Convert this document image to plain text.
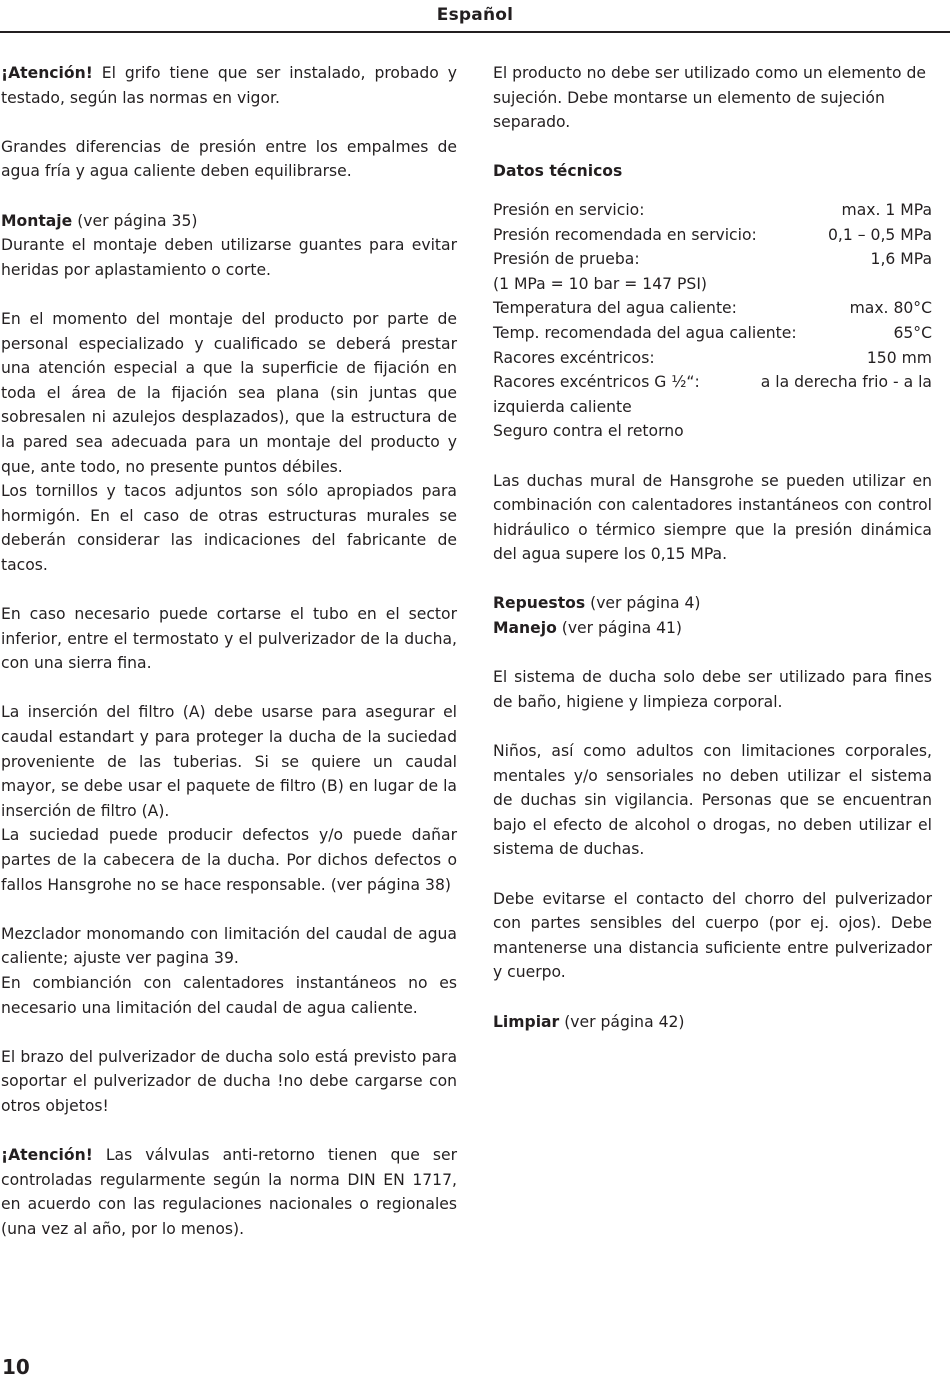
Español

¡Atención! El grifo tiene que ser instalado, probado y testado, según las normas en vigor.

Grandes diferencias de presión entre los empalmes de agua fría y agua caliente deben equilibrarse.

Montaje (ver página 35)

Durante el montaje deben utilizarse guantes para evitar heridas por aplastamiento o corte.

En el momento del montaje del producto por parte de personal especializado y cualificado se deberá prestar una atención especial a que la superficie de fijación en toda el área de la fijación sea plana (sin juntas que sobresalen ni azulejos desplazados), que la estructura de la pared sea adecuada para un montaje del producto y que, ante todo, no presente puntos débiles.

Los tornillos y tacos adjuntos son sólo apropiados para hormigón. En el caso de otras estructuras murales se deberán considerar las indicaciones del fabricante de tacos.

En caso necesario puede cortarse el tubo en el sector inferior, entre el termostato y el pulverizador de la ducha, con una sierra fina.

La inserción del filtro (A) debe usarse para asegurar el caudal estandart y para proteger la ducha de la suciedad proveniente de las tuberias. Si se quiere un caudal mayor, se debe usar el paquete de filtro (B) en lugar de la inserción de filtro (A).

La suciedad puede producir defectos y/o puede dañar partes de la cabecera de la ducha. Por dichos defectos o fallos Hansgrohe no se hace responsable. (ver página 38)

Mezclador monomando con limitación del caudal de agua caliente; ajuste ver pagina 39.

En combianción con calentadores instantáneos no es necesario una limitación del caudal de agua caliente.

El brazo del pulverizador de ducha solo está previsto para soportar el pulverizador de ducha !no debe cargarse con otros objetos!

¡Atención! Las válvulas anti-retorno tienen que ser controladas regularmente según la norma DIN EN 1717, en acuerdo con las regulaciones nacionales o regionales (una vez al año, por lo menos).

El producto no debe ser utilizado como un elemento de sujeción. Debe montarse un elemento de sujeción separado.

Datos técnicos

Presión en servicio:	max. 1 MPa
Presión recomendada en servicio:	0,1 – 0,5 MPa
Presión de prueba:	1,6 MPa
(1 MPa = 10 bar = 147 PSI)
Temperatura del agua caliente:	max. 80°C
Temp. recomendada del agua caliente:	65°C
Racores excéntricos:	150 mm
Racores excéntricos G ½“:	a la derecha frio - a la
izquierda caliente
Seguro contra el retorno

Las duchas mural de Hansgrohe se pueden utilizar en combinación con calentadores instantáneos con control hidráulico o térmico siempre que la presión dinámica del agua supere los 0,15 MPa.

Repuestos (ver página 4)

Manejo (ver página 41)

El sistema de ducha solo debe ser utilizado para fines de baño, higiene y limpieza corporal.

Niños, así como adultos con limitaciones corporales, mentales y/o sensoriales no deben utilizar el sistema de duchas sin vigilancia. Personas que se encuentran bajo el efecto de alcohol o drogas, no deben utilizar el sistema de duchas.

Debe evitarse el contacto del chorro del pulverizador con partes sensibles del cuerpo (por ej. ojos). Debe mantenerse una distancia suficiente entre pulverizador y cuerpo.

Limpiar (ver página 42)

10
